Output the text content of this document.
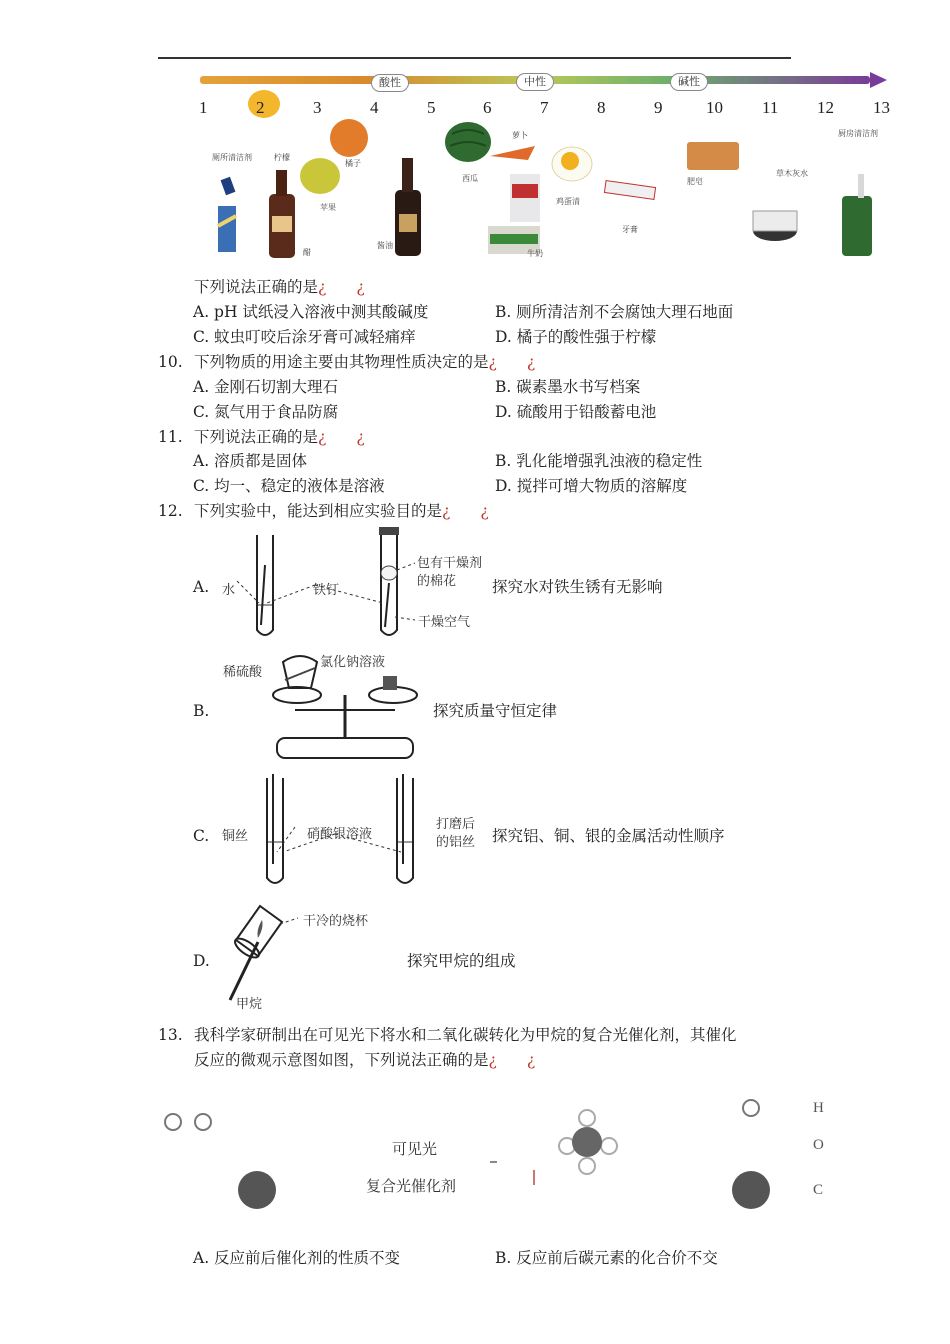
酸性	中性	碱性
1	2	3	4	5	6	7	8	9	10 11 12 13
厕所清洁剂	柠檬
橘子
苹果
醋
酱油
西瓜
萝卜
牛奶
鸡蛋清
牙膏
肥皂
草木灰水
厨房清洁剂
下列说法正确的是¿ ¿
A. pH 试纸浸入溶液中测其酸碱度	B. 厕所清洁剂不会腐蚀大理石地面
C. 蚊虫叮咬后涂牙膏可减轻痛痒	D. 橘子的酸性强于柠檬
10. 下列物质的用途主要由其物理性质决定的是¿ ¿
A. 金刚石切割大理石	B. 碳素墨水书写档案
C. 氮气用于食品防腐	D. 硫酸用于铅酸蓄电池
11. 下列说法正确的是¿ ¿
A. 溶质都是固体	B. 乳化能增强乳浊液的稳定性
C. 均一、稳定的液体是溶液	D. 搅拌可增大物质的溶解度
12. 下列实验中，能达到相应实验目的是¿ ¿
A. 水	铁钉
包有干燥剂
的棉花
干燥空气
探究水对铁生锈有无影响
B.
稀硫酸
氯化钠溶液
探究质量守恒定律
C. 铜丝	硝酸银溶液
打磨后
的铝丝 探究铝、铜、银的金属活动性顺序
D.
干冷的烧杯
甲烷
探究甲烷的组成
13. 我科学家研制出在可见光下将水和二氧化碳转化为甲烷的复合光催化剂，其催化
反应的微观示意图如图，下列说法正确的是¿ ¿
可见光
复合光催化剂
H
O
C
A. 反应前后催化剂的性质不变	B. 反应前后碳元素的化合价不交
